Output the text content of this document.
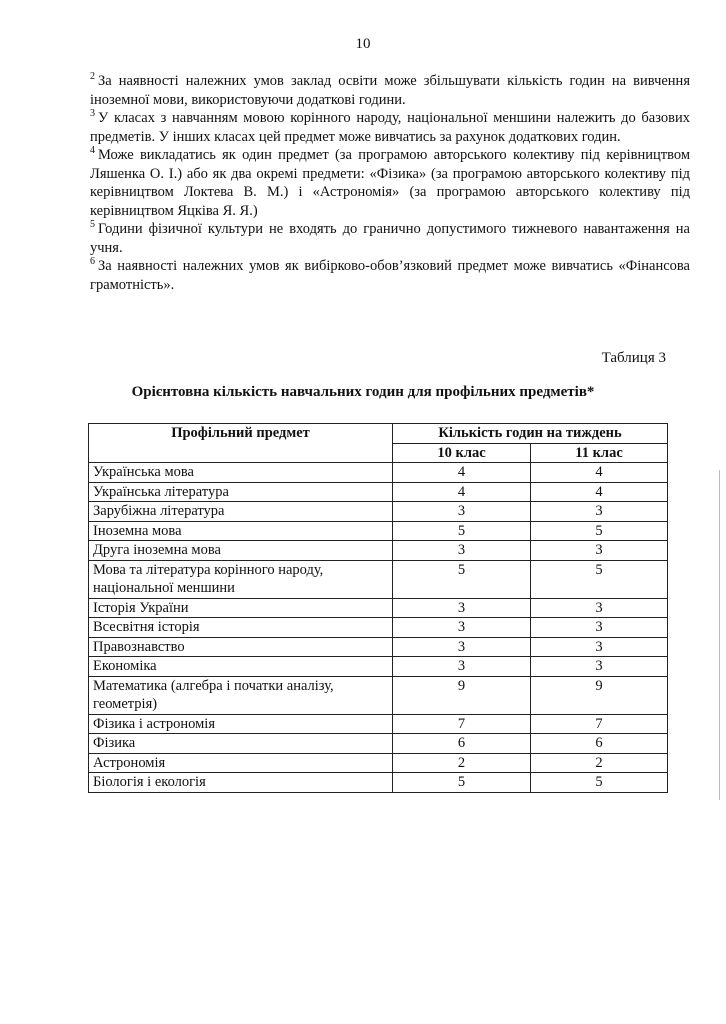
10

$^2$ За наявності належних умов заклад освіти може збільшувати кількість годин на вивчення іноземної мови, використовуючи додаткові години.

$^3$ У класах з навчанням мовою корінного народу, національної меншини належить до базових предметів. У інших класах цей предмет може вивчатись за рахунок додаткових годин.

$^4$ Може викладатись як один предмет (за програмою авторського колективу під керівництвом Ляшенка О. І.) або як два окремі предмети: «Фізика» (за програмою авторського колективу під керівництвом Локтева В. М.) і «Астрономія» (за програмою авторського колективу під керівництвом Яцківа Я. Я.)

$^5$ Години фізичної культури не входять до гранично допустимого тижневого навантаження на учня.

$^6$ За наявності належних умов як вибірково-обов’язковий предмет може вивчатись «Фінансова грамотність».

Таблиця 3
Орієнтовна кількість навчальних годин для профільних предметів*
Профільний предмет	Кількість годин на тиждень	
	10 клас	11 клас
Українська мова	4	4
Українська література	4	4
Зарубіжна література	3	3
Іноземна мова	5	5
Друга іноземна мова	3	3
Мова та література корінного народу, національної меншини	5	5
Історія України	3	3
Всесвітня історія	3	3
Правознавство	3	3
Економіка	3	3
Математика (алгебра і початки аналізу, геометрія)	9	9
Фізика і астрономія	7	7
Фізика	6	6
Астрономія	2	2
Біологія і екологія	5	5
